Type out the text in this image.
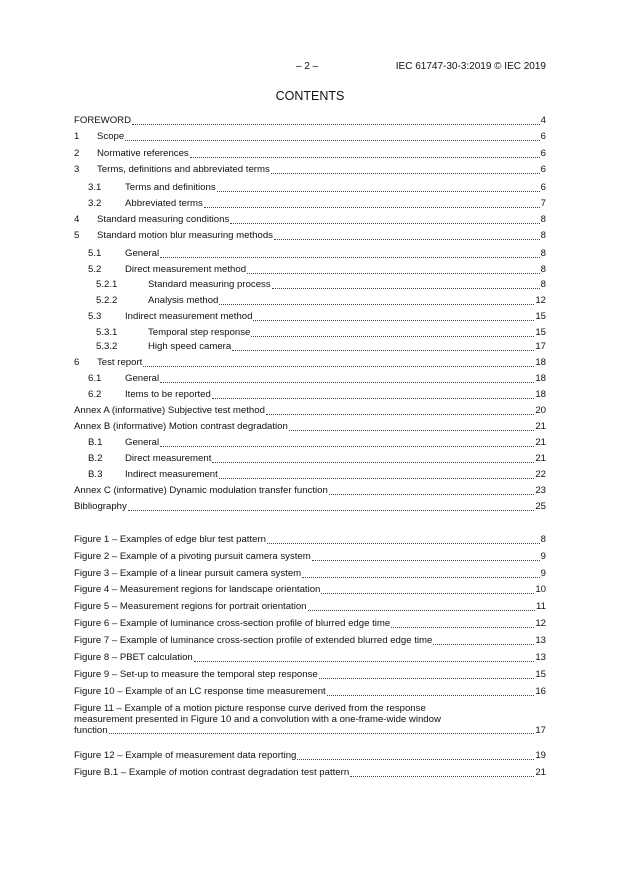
– 2 –	IEC 61747-30-3:2019 © IEC 2019
CONTENTS
FOREWORD	4
1	Scope	6
2	Normative references	6
3	Terms, definitions and abbreviated terms	6
3.1	Terms and definitions	6
3.2	Abbreviated terms	7
4	Standard measuring conditions	8
5	Standard motion blur measuring methods	8
5.1	General	8
5.2	Direct measurement method	8
5.2.1	Standard measuring process	8
5.2.2	Analysis method	12
5.3	Indirect measurement method	15
5.3.1	Temporal step response	15
5.3.2	High speed camera	17
6	Test report	18
6.1	General	18
6.2	Items to be reported	18
Annex A (informative) Subjective test method	20
Annex B (informative) Motion contrast degradation	21
B.1	General	21
B.2	Direct measurement	21
B.3	Indirect measurement	22
Annex C (informative) Dynamic modulation transfer function	23
Bibliography	25
Figure 1 – Examples of edge blur test pattern	8
Figure 2 – Example of a pivoting pursuit camera system	9
Figure 3 – Example of a linear pursuit camera system	9
Figure 4 – Measurement regions for landscape orientation	10
Figure 5 – Measurement regions for portrait orientation	11
Figure 6 – Example of luminance cross-section profile of blurred edge time	12
Figure 7 – Example of luminance cross-section profile of extended blurred edge time	13
Figure 8 – PBET calculation	13
Figure 9 – Set-up to measure the temporal step response	15
Figure 10 – Example of an LC response time measurement	16
Figure 12 – Example of measurement data reporting	19
Figure B.1 – Example of motion contrast degradation test pattern	21
Figure 11 – Example of a motion picture response curve derived from the response
measurement presented in Figure 10 and a convolution with a one-frame-wide window
function	17
